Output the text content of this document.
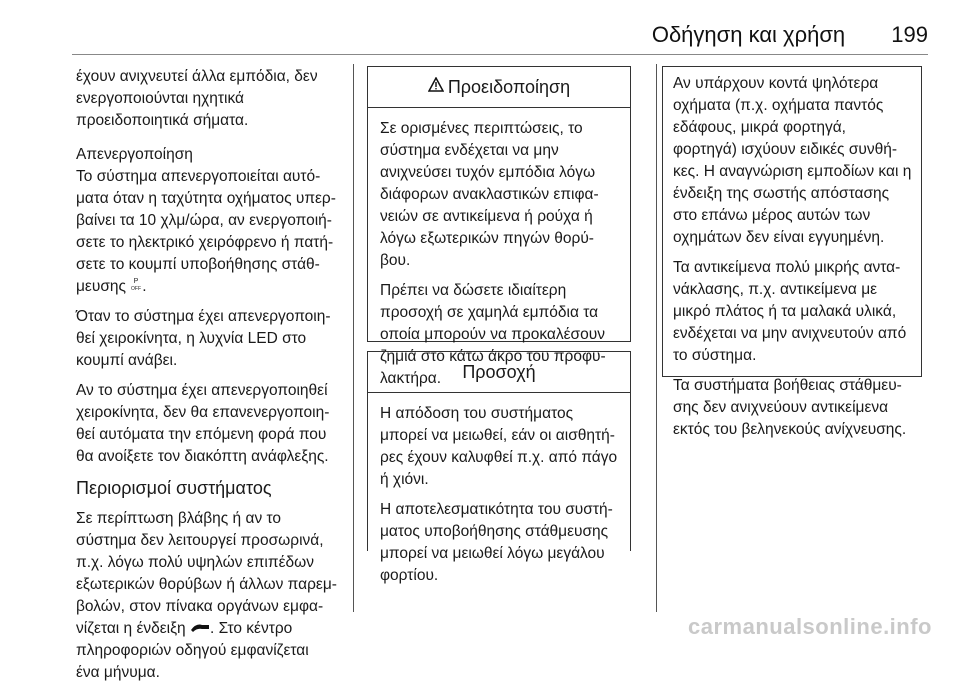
Οδήγηση και χρήση 199

έχουν ανιχνευτεί άλλα εμπόδια, δεν
ενεργοποιούνται ηχητικά
προειδοποιητικά σήματα.

Απενεργοποίηση

Το σύστημα απενεργοποιείται αυτό‐
ματα όταν η ταχύτητα οχήματος υπερ‐
βαίνει τα 10 χλμ/ώρα, αν ενεργοποιή‐
σετε το ηλεκτρικό χειρόφρενο ή πατή‐
σετε το κουμπί υποβοήθησης στάθ‐
μευσης P
OFF .

Όταν το σύστημα έχει απενεργοποιη‐
θεί χειροκίνητα, η λυχνία LED στο
κουμπί ανάβει.

Αν το σύστημα έχει απενεργοποιηθεί
χειροκίνητα, δεν θα επανενεργοποιη‐
θεί αυτόματα την επόμενη φορά που
θα ανοίξετε τον διακόπτη ανάφλεξης.

Περιορισμοί συστήματος

Σε περίπτωση βλάβης ή αν το
σύστημα δεν λειτουργεί προσωρινά,
π.χ. λόγω πολύ υψηλών επιπέδων
εξωτερικών θορύβων ή άλλων παρεμ‐
βολών, στον πίνακα οργάνων εμφα‐
νίζεται η ένδειξη . Στο κέντρο
πληροφοριών οδηγού εμφανίζεται
ένα μήνυμα.

Προειδοποίηση

Σε ορισμένες περιπτώσεις, το
σύστημα ενδέχεται να μην
ανιχνεύσει τυχόν εμπόδια λόγω
διάφορων ανακλαστικών επιφα‐
νειών σε αντικείμενα ή ρούχα ή
λόγω εξωτερικών πηγών θορύ‐
βου.

Πρέπει να δώσετε ιδιαίτερη
προσοχή σε χαμηλά εμπόδια τα
οποία μπορούν να προκαλέσουν
ζημιά στο κάτω άκρο του προφυ‐
λακτήρα.	Προσοχή

Η απόδοση του συστήματος
μπορεί να μειωθεί, εάν οι αισθητή‐
ρες έχουν καλυφθεί π.χ. από πάγο
ή χιόνι.

Η αποτελεσματικότητα του συστή‐
ματος υποβοήθησης στάθμευσης
μπορεί να μειωθεί λόγω μεγάλου
φορτίου.

Αν υπάρχουν κοντά ψηλότερα
οχήματα (π.χ. οχήματα παντός
εδάφους, μικρά φορτηγά,
φορτηγά) ισχύουν ειδικές συνθή‐
κες. Η αναγνώριση εμποδίων και η
ένδειξη της σωστής απόστασης
στο επάνω μέρος αυτών των
οχημάτων δεν είναι εγγυημένη.

Τα αντικείμενα πολύ μικρής αντα‐
νάκλασης, π.χ. αντικείμενα με
μικρό πλάτος ή τα μαλακά υλικά,
ενδέχεται να μην ανιχνευτούν από
το σύστημα.

Τα συστήματα βοήθειας στάθμευ‐
σης δεν ανιχνεύουν αντικείμενα
εκτός του βεληνεκούς ανίχνευσης.

carmanualsonline.info
